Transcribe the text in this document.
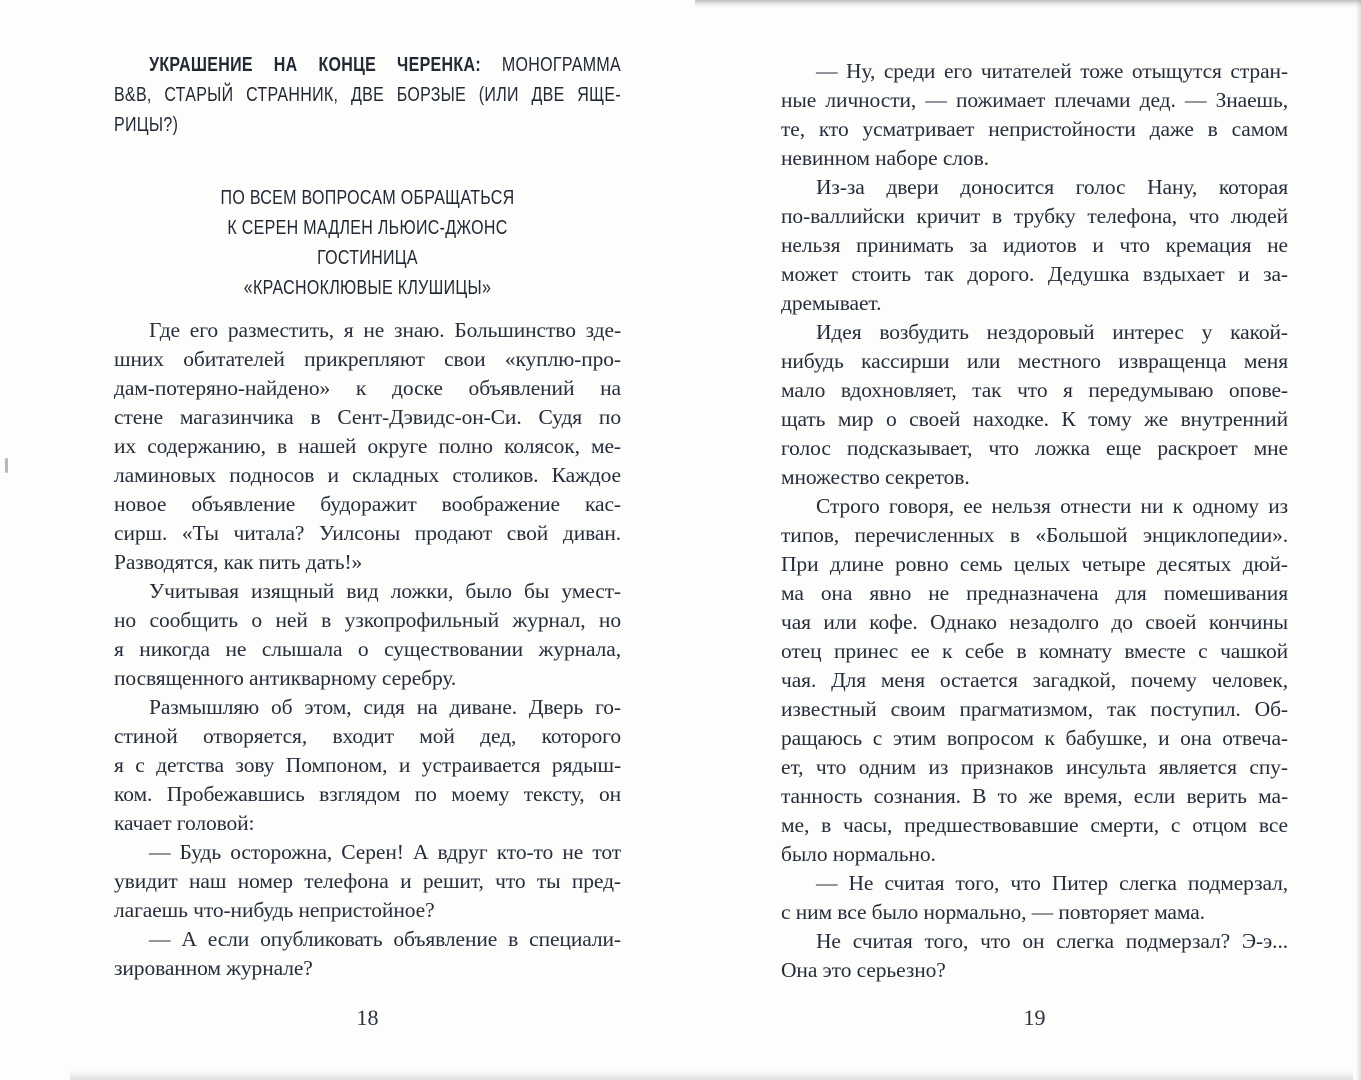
УКРАШЕНИЕ НА КОНЦЕ ЧЕРЕНКА: МОНОГРАММА
В&В, СТАРЫЙ СТРАННИК, ДВЕ БОРЗЫЕ (ИЛИ ДВЕ ЯЩЕ-
РИЦЫ?)
ПО ВСЕМ ВОПРОСАМ ОБРАЩАТЬСЯ
К СЕРЕН МАДЛЕН ЛЬЮИС-ДЖОНС
ГОСТИНИЦА
«КРАСНОКЛЮВЫЕ КЛУШИЦЫ»
Где его разместить, я не знаю. Большинство зде-
шних обитателей прикрепляют свои «куплю-про-
дам-потеряно-найдено» к доске объявлений на
стене магазинчика в Сент-Дэвидс-он-Си. Судя по
их содержанию, в нашей округе полно колясок, ме-
ламиновых подносов и складных столиков. Каждое
новое объявление будоражит воображение кас-
сирш. «Ты читала? Уилсоны продают свой диван.
Разводятся, как пить дать!»
Учитывая изящный вид ложки, было бы умест-
но сообщить о ней в узкопрофильный журнал, но
я никогда не слышала о существовании журнала,
посвященного антикварному серебру.
Размышляю об этом, сидя на диване. Дверь го-
стиной отворяется, входит мой дед, которого
я с детства зову Помпоном, и устраивается рядыш-
ком. Пробежавшись взглядом по моему тексту, он
качает головой:
— Будь осторожна, Серен! А вдруг кто-то не тот
увидит наш номер телефона и решит, что ты пред-
лагаешь что-нибудь непристойное?
— А если опубликовать объявление в специали-
зированном журнале?
18
— Ну, среди его читателей тоже отыщутся стран-
ные личности, — пожимает плечами дед. — Знаешь,
те, кто усматривает непристойности даже в самом
невинном наборе слов.
Из-за двери доносится голос Нану, которая
по-валлийски кричит в трубку телефона, что людей
нельзя принимать за идиотов и что кремация не
может стоить так дорого. Дедушка вздыхает и за-
дремывает.
Идея возбудить нездоровый интерес у какой-
нибудь кассирши или местного извращенца меня
мало вдохновляет, так что я передумываю опове-
щать мир о своей находке. К тому же внутренний
голос подсказывает, что ложка еще раскроет мне
множество секретов.
Строго говоря, ее нельзя отнести ни к одному из
типов, перечисленных в «Большой энциклопедии».
При длине ровно семь целых четыре десятых дюй-
ма она явно не предназначена для помешивания
чая или кофе. Однако незадолго до своей кончины
отец принес ее к себе в комнату вместе с чашкой
чая. Для меня остается загадкой, почему человек,
известный своим прагматизмом, так поступил. Об-
ращаюсь с этим вопросом к бабушке, и она отвеча-
ет, что одним из признаков инсульта является спу-
танность сознания. В то же время, если верить ма-
ме, в часы, предшествовавшие смерти, с отцом все
было нормально.
— Не считая того, что Питер слегка подмерзал,
с ним все было нормально, — повторяет мама.
Не считая того, что он слегка подмерзал? Э-э...
Она это серьезно?
19
